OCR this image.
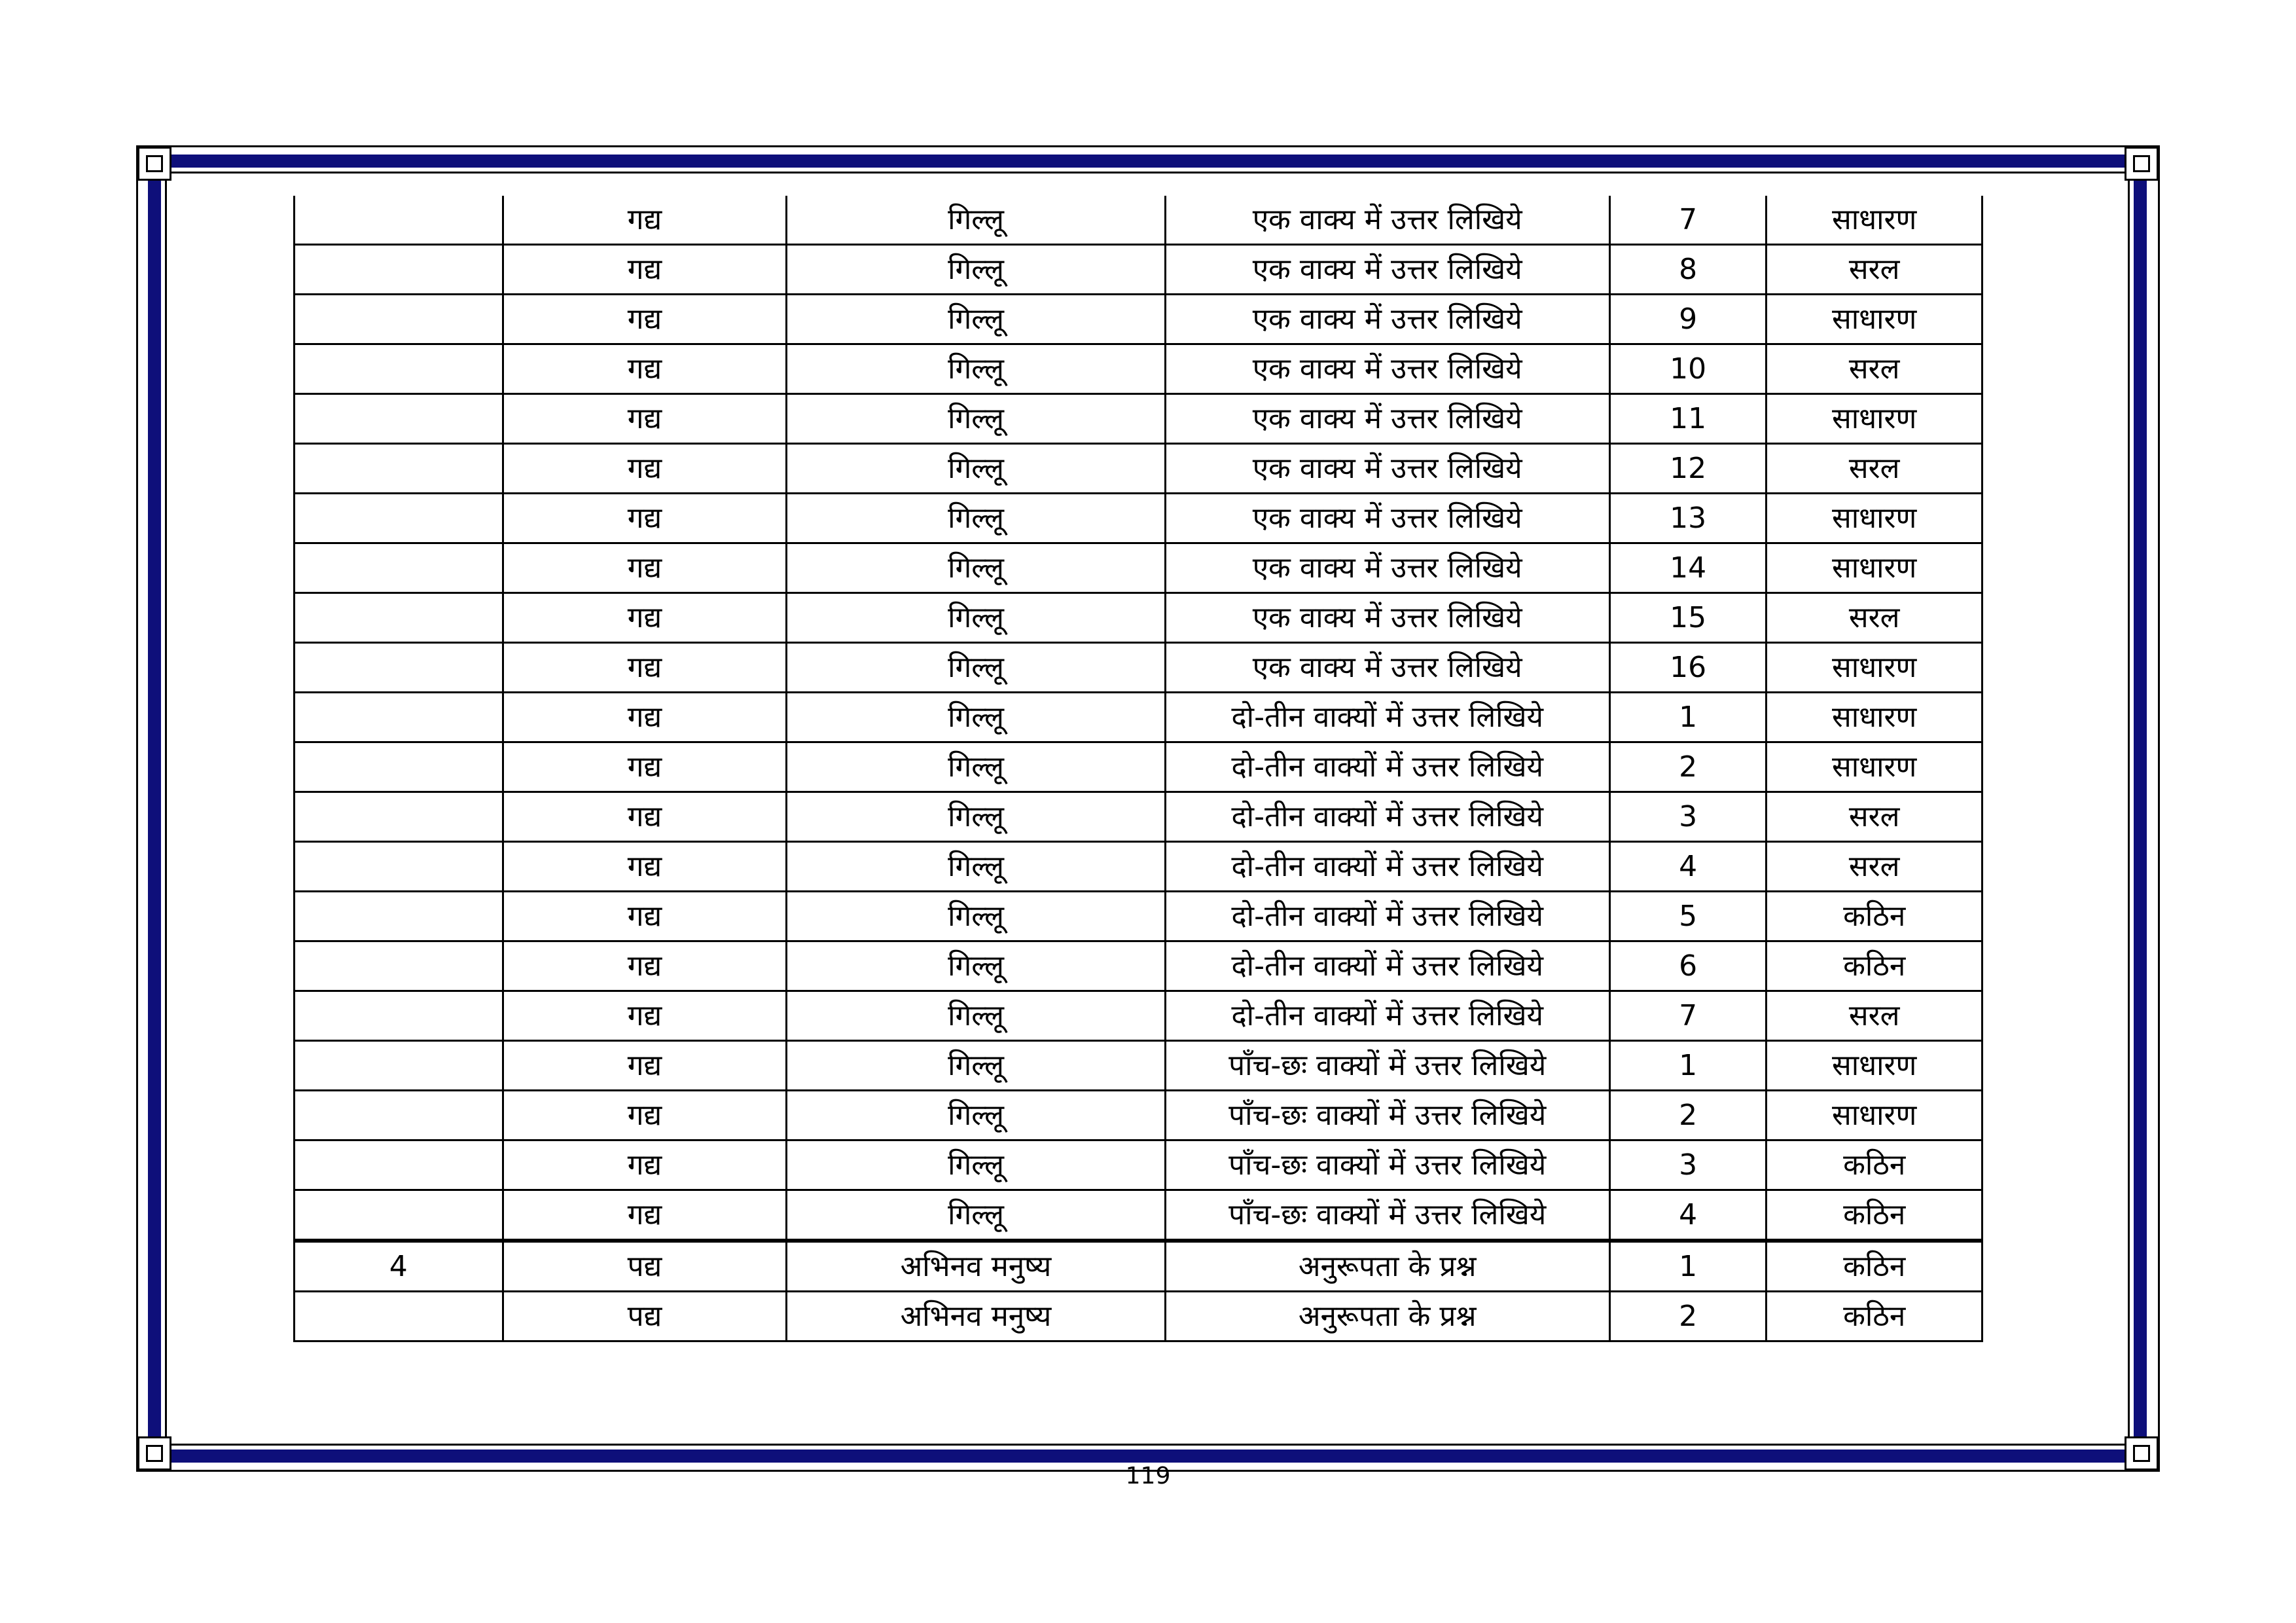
	गद्य	गिल्लू	एक वाक्य में उत्तर लिखिये	7	साधारण
	गद्य	गिल्लू	एक वाक्य में उत्तर लिखिये	8	सरल
	गद्य	गिल्लू	एक वाक्य में उत्तर लिखिये	9	साधारण
	गद्य	गिल्लू	एक वाक्य में उत्तर लिखिये	10	सरल
	गद्य	गिल्लू	एक वाक्य में उत्तर लिखिये	11	साधारण
	गद्य	गिल्लू	एक वाक्य में उत्तर लिखिये	12	सरल
	गद्य	गिल्लू	एक वाक्य में उत्तर लिखिये	13	साधारण
	गद्य	गिल्लू	एक वाक्य में उत्तर लिखिये	14	साधारण
	गद्य	गिल्लू	एक वाक्य में उत्तर लिखिये	15	सरल
	गद्य	गिल्लू	एक वाक्य में उत्तर लिखिये	16	साधारण
	गद्य	गिल्लू	दो-तीन वाक्यों में उत्तर लिखिये	1	साधारण
	गद्य	गिल्लू	दो-तीन वाक्यों में उत्तर लिखिये	2	साधारण
	गद्य	गिल्लू	दो-तीन वाक्यों में उत्तर लिखिये	3	सरल
	गद्य	गिल्लू	दो-तीन वाक्यों में उत्तर लिखिये	4	सरल
	गद्य	गिल्लू	दो-तीन वाक्यों में उत्तर लिखिये	5	कठिन
	गद्य	गिल्लू	दो-तीन वाक्यों में उत्तर लिखिये	6	कठिन
	गद्य	गिल्लू	दो-तीन वाक्यों में उत्तर लिखिये	7	सरल
	गद्य	गिल्लू	पाँच-छः वाक्यों में उत्तर लिखिये	1	साधारण
	गद्य	गिल्लू	पाँच-छः वाक्यों में उत्तर लिखिये	2	साधारण
	गद्य	गिल्लू	पाँच-छः वाक्यों में उत्तर लिखिये	3	कठिन
	गद्य	गिल्लू	पाँच-छः वाक्यों में उत्तर लिखिये	4	कठिन
4	पद्य	अभिनव मनुष्य	अनुरूपता के प्रश्न	1	कठिन
	पद्य	अभिनव मनुष्य	अनुरूपता के प्रश्न	2	कठिन
119
